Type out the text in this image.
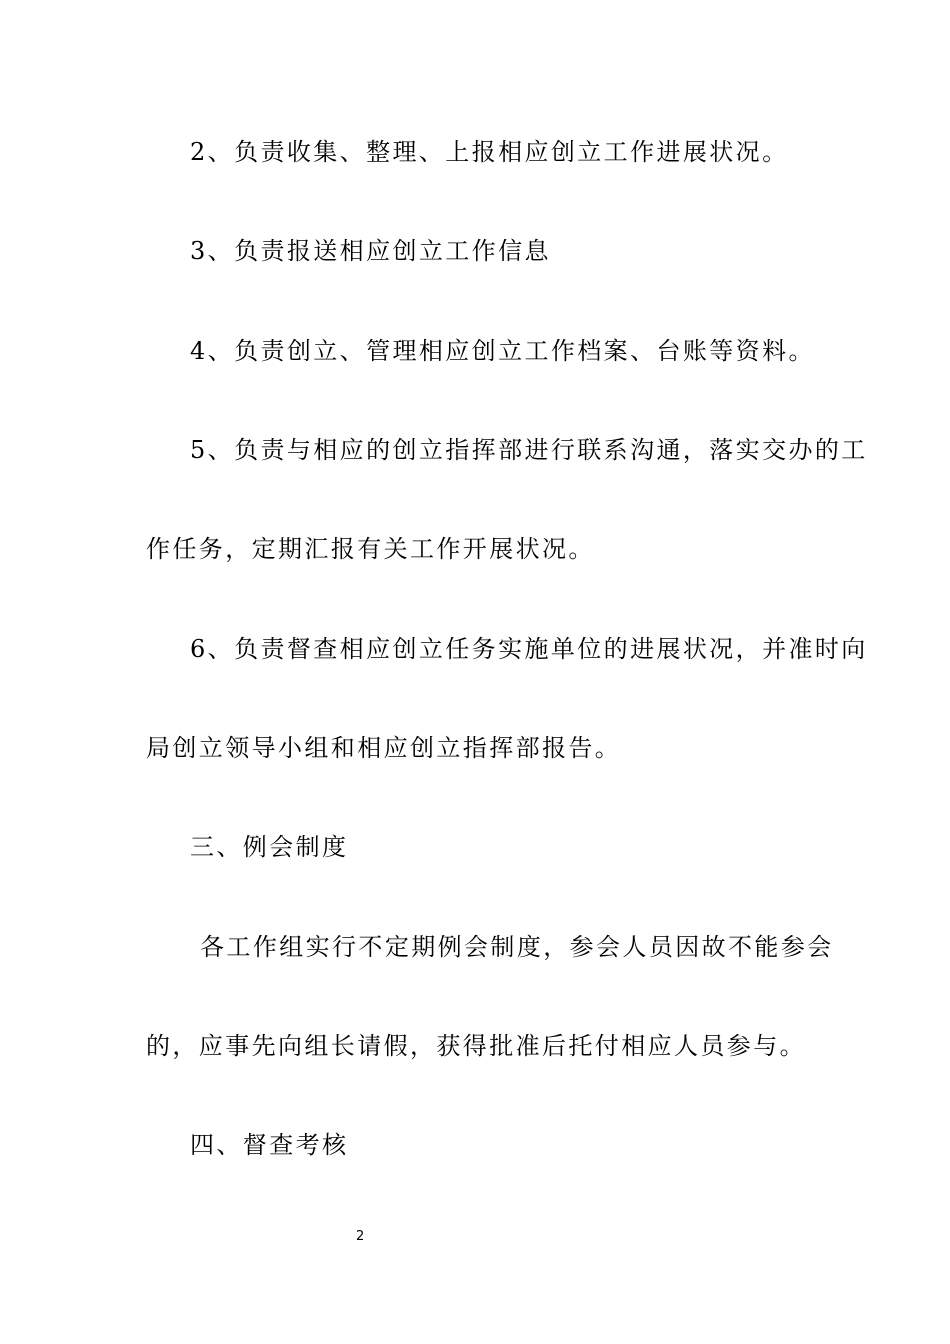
2、负责收集、整理、上报相应创立工作进展状况。
3、负责报送相应创立工作信息
4、负责创立、管理相应创立工作档案、台账等资料。
5、负责与相应的创立指挥部进行联系沟通，落实交办的工
作任务，定期汇报有关工作开展状况。
6、负责督查相应创立任务实施单位的进展状况，并准时向
局创立领导小组和相应创立指挥部报告。
三、例会制度
各工作组实行不定期例会制度，参会人员因故不能参会
的，应事先向组长请假，获得批准后托付相应人员参与。
四、督查考核
2
